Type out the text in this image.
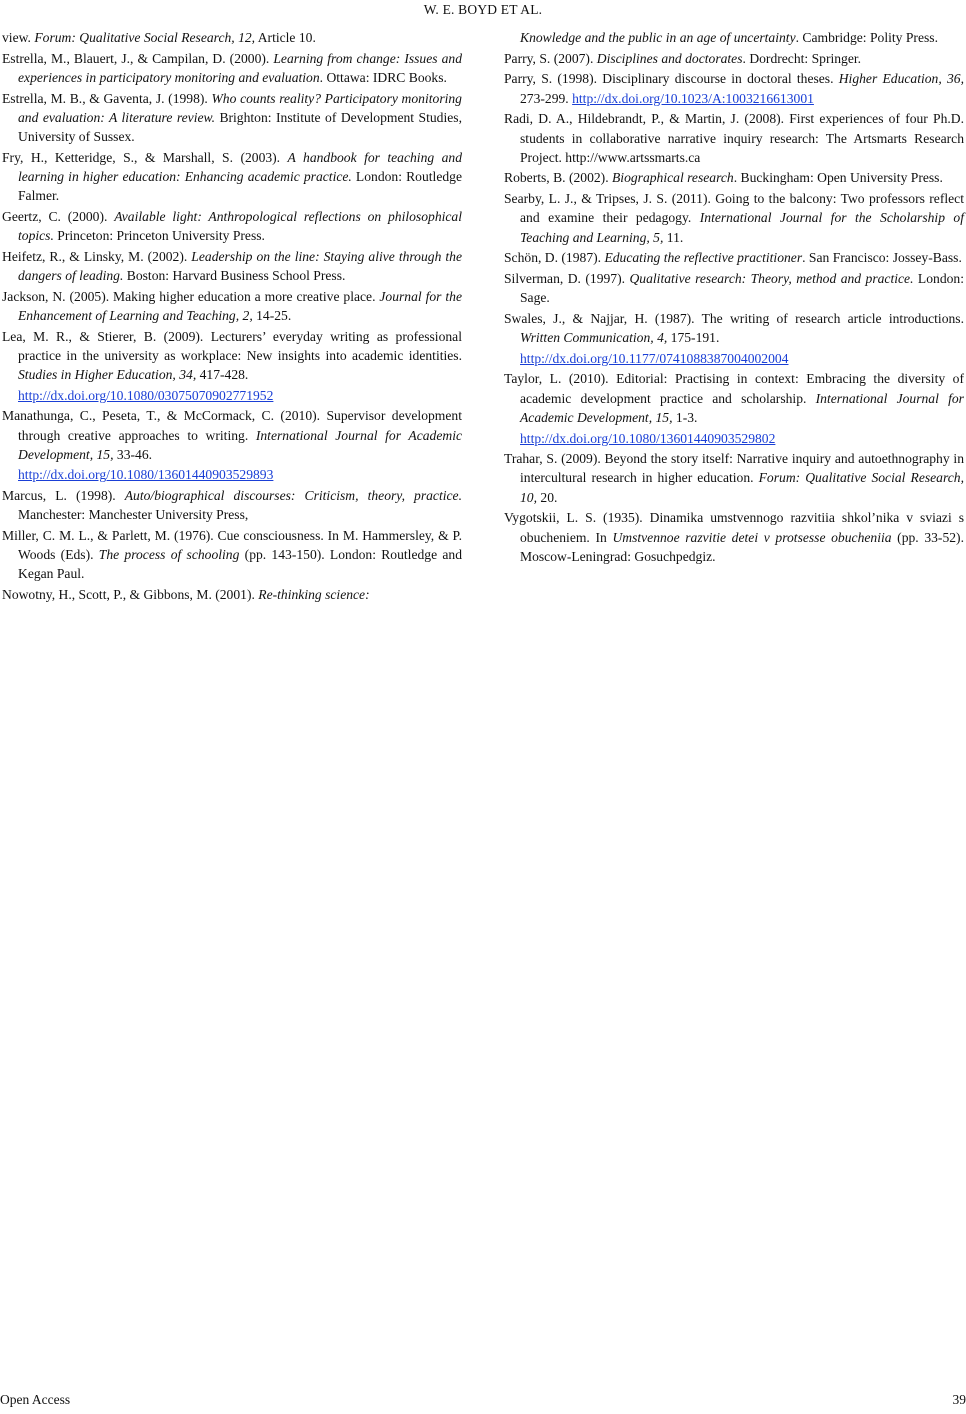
W. E. BOYD ET AL.

view. Forum: Qualitative Social Research, 12, Article 10.

Estrella, M., Blauert, J., & Campilan, D. (2000). Learning from change: Issues and experiences in participatory monitoring and evaluation. Ottawa: IDRC Books.

Estrella, M. B., & Gaventa, J. (1998). Who counts reality? Participatory monitoring and evaluation: A literature review. Brighton: Institute of Development Studies, University of Sussex.

Fry, H., Ketteridge, S., & Marshall, S. (2003). A handbook for teaching and learning in higher education: Enhancing academic practice. London: Routledge Falmer.

Geertz, C. (2000). Available light: Anthropological reflections on philosophical topics. Princeton: Princeton University Press.

Heifetz, R., & Linsky, M. (2002). Leadership on the line: Staying alive through the dangers of leading. Boston: Harvard Business School Press.

Jackson, N. (2005). Making higher education a more creative place. Journal for the Enhancement of Learning and Teaching, 2, 14-25.

Lea, M. R., & Stierer, B. (2009). Lecturers’ everyday writing as professional practice in the university as workplace: New insights into academic identities. Studies in Higher Education, 34, 417-428.

http://dx.doi.org/10.1080/03075070902771952

Manathunga, C., Peseta, T., & McCormack, C. (2010). Supervisor development through creative approaches to writing. International Journal for Academic Development, 15, 33-46.

http://dx.doi.org/10.1080/13601440903529893

Marcus, L. (1998). Auto/biographical discourses: Criticism, theory, practice. Manchester: Manchester University Press,

Miller, C. M. L., & Parlett, M. (1976). Cue consciousness. In M. Hammersley, & P. Woods (Eds). The process of schooling (pp. 143-150). London: Routledge and Kegan Paul.

Nowotny, H., Scott, P., & Gibbons, M. (2001). Re-thinking science:

Knowledge and the public in an age of uncertainty. Cambridge: Polity Press.

Parry, S. (2007). Disciplines and doctorates. Dordrecht: Springer.

Parry, S. (1998). Disciplinary discourse in doctoral theses. Higher Education, 36, 273-299. http://dx.doi.org/10.1023/A:1003216613001

Radi, D. A., Hildebrandt, P., & Martin, J. (2008). First experiences of four Ph.D. students in collaborative narrative inquiry research: The Artsmarts Research Project. http://www.artssmarts.ca

Roberts, B. (2002). Biographical research. Buckingham: Open University Press.

Searby, L. J., & Tripses, J. S. (2011). Going to the balcony: Two professors reflect and examine their pedagogy. International Journal for the Scholarship of Teaching and Learning, 5, 11.

Schön, D. (1987). Educating the reflective practitioner. San Francisco: Jossey-Bass.

Silverman, D. (1997). Qualitative research: Theory, method and practice. London: Sage.

Swales, J., & Najjar, H. (1987). The writing of research article introductions. Written Communication, 4, 175-191.

http://dx.doi.org/10.1177/0741088387004002004

Taylor, L. (2010). Editorial: Practising in context: Embracing the diversity of academic development practice and scholarship. International Journal for Academic Development, 15, 1-3.

http://dx.doi.org/10.1080/13601440903529802

Trahar, S. (2009). Beyond the story itself: Narrative inquiry and autoethnography in intercultural research in higher education. Forum: Qualitative Social Research, 10, 20.

Vygotskii, L. S. (1935). Dinamika umstvennogo razvitiia shkol’nika v sviazi s obucheniem. In Umstvennoe razvitie detei v protsesse obucheniia (pp. 33-52). Moscow-Leningrad: Gosuchpedgiz.

Open Access	39
